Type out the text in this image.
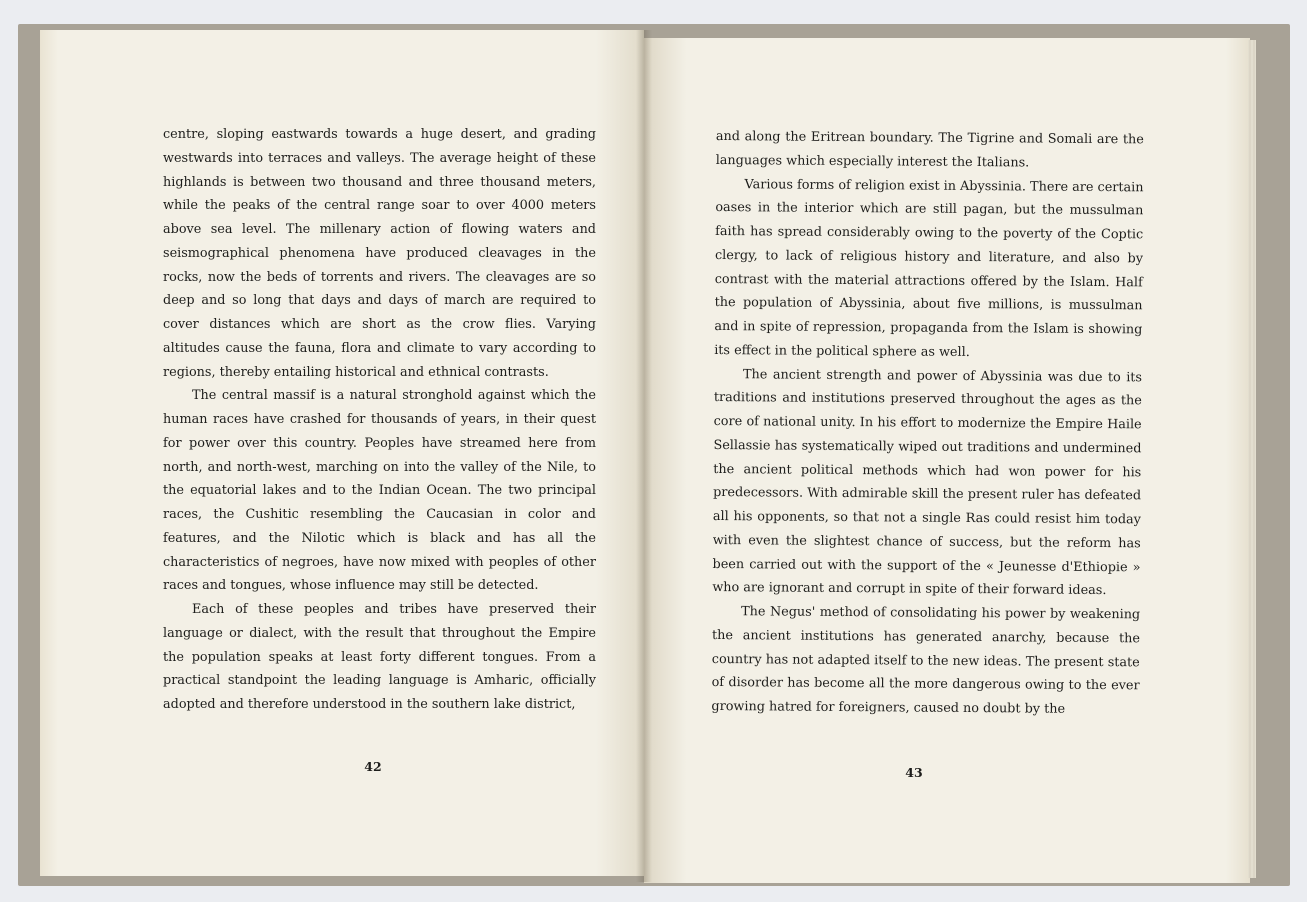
centre, sloping eastwards towards a huge desert, and grading westwards into terraces and valleys. The average height of these highlands is between two thousand and three thousand meters, while the peaks of the central range soar to over 4000 meters above sea level. The millenary action of flowing waters and seismographical phenomena have produced cleavages in the rocks, now the beds of torrents and rivers. The cleavages are so deep and so long that days and days of march are required to cover distances which are short as the crow flies. Varying altitudes cause the fauna, flora and climate to vary according to regions, thereby entailing historical and ethnical contrasts.

The central massif is a natural stronghold against which the human races have crashed for thousands of years, in their quest for power over this country. Peoples have streamed here from north, and north-west, marching on into the valley of the Nile, to the equatorial lakes and to the Indian Ocean. The two principal races, the Cushitic resembling the Caucasian in color and features, and the Nilotic which is black and has all the characteristics of negroes, have now mixed with peoples of other races and tongues, whose influence may still be detected.

Each of these peoples and tribes have preserved their language or dialect, with the result that throughout the Empire the population speaks at least forty different tongues. From a practical standpoint the leading language is Amharic, officially adopted and therefore understood in the southern lake district,

42

and along the Eritrean boundary. The Tigrine and Somali are the languages which especially interest the Italians.

Various forms of religion exist in Abyssinia. There are certain oases in the interior which are still pagan, but the mussulman faith has spread considerably owing to the poverty of the Coptic clergy, to lack of religious history and literature, and also by contrast with the material attractions offered by the Islam. Half the population of Abyssinia, about five millions, is mussulman and in spite of repression, propaganda from the Islam is showing its effect in the political sphere as well.

The ancient strength and power of Abyssinia was due to its traditions and institutions preserved throughout the ages as the core of national unity. In his effort to modernize the Empire Haile Sellassie has systematically wiped out traditions and undermined the ancient political methods which had won power for his predecessors. With admirable skill the present ruler has defeated all his opponents, so that not a single Ras could resist him today with even the slightest chance of success, but the reform has been carried out with the support of the « Jeunesse d'Ethiopie » who are ignorant and corrupt in spite of their forward ideas.

The Negus' method of consolidating his power by weakening the ancient institutions has generated anarchy, because the country has not adapted itself to the new ideas. The present state of disorder has become all the more dangerous owing to the ever growing hatred for foreigners, caused no doubt by the

43
